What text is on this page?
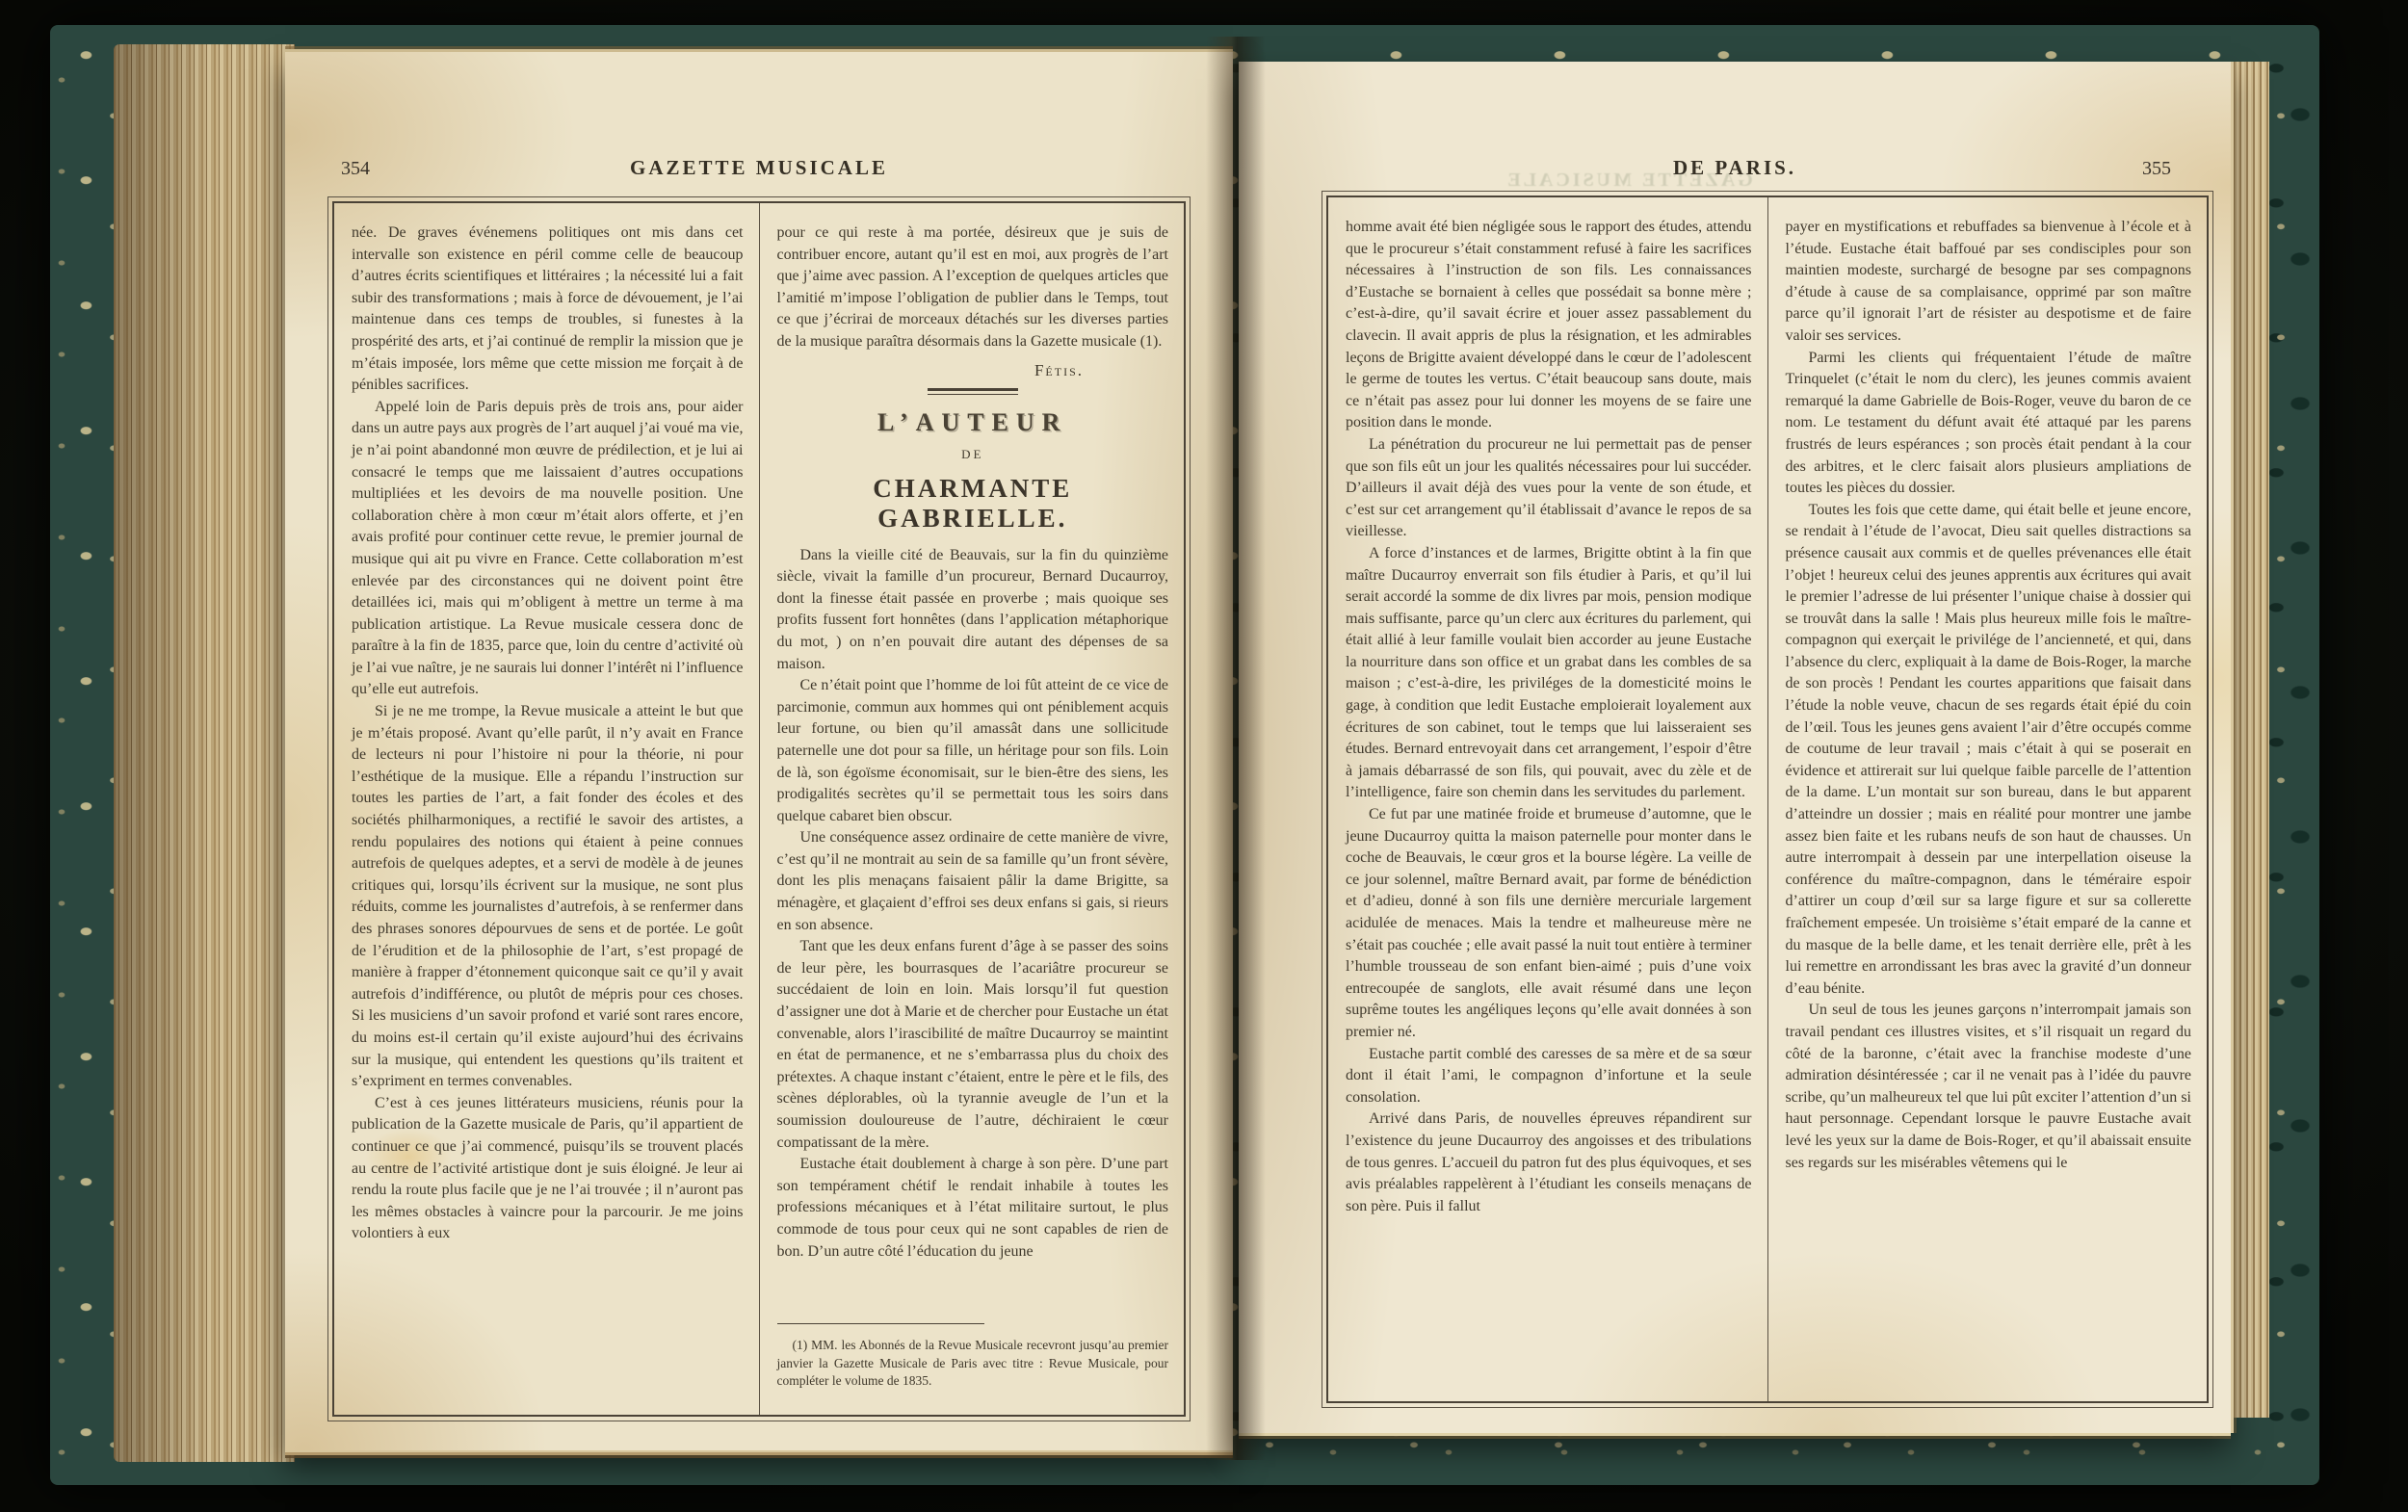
354	GAZETTE MUSICALE

née. De graves événemens politiques ont mis dans cet intervalle son existence en péril comme celle de beaucoup d’autres écrits scientifiques et littéraires ; la nécessité lui a fait subir des transformations ; mais à force de dévouement, je l’ai maintenue dans ces temps de troubles, si funestes à la prospérité des arts, et j’ai continué de remplir la mission que je m’étais imposée, lors même que cette mission me forçait à de pénibles sacrifices.

Appelé loin de Paris depuis près de trois ans, pour aider dans un autre pays aux progrès de l’art auquel j’ai voué ma vie, je n’ai point abandonné mon œuvre de prédilection, et je lui ai consacré le temps que me laissaient d’autres occupations multipliées et les devoirs de ma nouvelle position. Une collaboration chère à mon cœur m’était alors offerte, et j’en avais profité pour continuer cette revue, le premier journal de musique qui ait pu vivre en France. Cette collaboration m’est enlevée par des circonstances qui ne doivent point être detaillées ici, mais qui m’obligent à mettre un terme à ma publication artistique. La Revue musicale cessera donc de paraître à la fin de 1835, parce que, loin du centre d’activité où je l’ai vue naître, je ne saurais lui donner l’intérêt ni l’influence qu’elle eut autrefois.

Si je ne me trompe, la Revue musicale a atteint le but que je m’étais proposé. Avant qu’elle parût, il n’y avait en France de lecteurs ni pour l’histoire ni pour la théorie, ni pour l’esthétique de la musique. Elle a répandu l’instruction sur toutes les parties de l’art, a fait fonder des écoles et des sociétés philharmoniques, a rectifié le savoir des artistes, a rendu populaires des notions qui étaient à peine connues autrefois de quelques adeptes, et a servi de modèle à de jeunes critiques qui, lorsqu’ils écrivent sur la musique, ne sont plus réduits, comme les journalistes d’autrefois, à se renfermer dans des phrases sonores dépourvues de sens et de portée. Le goût de l’érudition et de la philosophie de l’art, s’est propagé de manière à frapper d’étonnement quiconque sait ce qu’il y avait autrefois d’indifférence, ou plutôt de mépris pour ces choses. Si les musiciens d’un savoir profond et varié sont rares encore, du moins est-il certain qu’il existe aujourd’hui des écrivains sur la musique, qui entendent les questions qu’ils traitent et s’expriment en termes convenables.

C’est à ces jeunes littérateurs musiciens, réunis pour la publication de la Gazette musicale de Paris, qu’il appartient de continuer ce que j’ai commencé, puisqu’ils se trouvent placés au centre de l’activité artistique dont je suis éloigné. Je leur ai rendu la route plus facile que je ne l’ai trouvée ; il n’auront pas les mêmes obstacles à vaincre pour la parcourir. Je me joins volontiers à eux

pour ce qui reste à ma portée, désireux que je suis de contribuer encore, autant qu’il est en moi, aux progrès de l’art que j’aime avec passion. A l’exception de quelques articles que l’amitié m’impose l’obligation de publier dans le Temps, tout ce que j’écrirai de morceaux détachés sur les diverses parties de la musique paraîtra désormais dans la Gazette musicale (1).

Fétis.
L’AUTEUR
DE
CHARMANTE GABRIELLE.

Dans la vieille cité de Beauvais, sur la fin du quinzième siècle, vivait la famille d’un procureur, Bernard Ducaurroy, dont la finesse était passée en proverbe ; mais quoique ses profits fussent fort honnêtes (dans l’application métaphorique du mot, ) on n’en pouvait dire autant des dépenses de sa maison.

Ce n’était point que l’homme de loi fût atteint de ce vice de parcimonie, commun aux hommes qui ont péniblement acquis leur fortune, ou bien qu’il amassât dans une sollicitude paternelle une dot pour sa fille, un héritage pour son fils. Loin de là, son égoïsme économisait, sur le bien-être des siens, les prodigalités secrètes qu’il se permettait tous les soirs dans quelque cabaret bien obscur.

Une conséquence assez ordinaire de cette manière de vivre, c’est qu’il ne montrait au sein de sa famille qu’un front sévère, dont les plis menaçans faisaient pâlir la dame Brigitte, sa ménagère, et glaçaient d’effroi ses deux enfans si gais, si rieurs en son absence.

Tant que les deux enfans furent d’âge à se passer des soins de leur père, les bourrasques de l’acariâtre procureur se succédaient de loin en loin. Mais lorsqu’il fut question d’assigner une dot à Marie et de chercher pour Eustache un état convenable, alors l’irascibilité de maître Ducaurroy se maintint en état de permanence, et ne s’embarrassa plus du choix des prétextes. A chaque instant c’étaient, entre le père et le fils, des scènes déplorables, où la tyrannie aveugle de l’un et la soumission douloureuse de l’autre, déchiraient le cœur compatissant de la mère.

Eustache était doublement à charge à son père. D’une part son tempérament chétif le rendait inhabile à toutes les professions mécaniques et à l’état militaire surtout, le plus commode de tous pour ceux qui ne sont capables de rien de bon. D’un autre côté l’éducation du jeune

(1) MM. les Abonnés de la Revue Musicale recevront jusqu’au premier janvier la Gazette Musicale de Paris avec titre : Revue Musicale, pour compléter le volume de 1835.

GAZETTE MUSICALE
DE PARIS.	355

homme avait été bien négligée sous le rapport des études, attendu que le procureur s’était constamment refusé à faire les sacrifices nécessaires à l’instruction de son fils. Les connaissances d’Eustache se bornaient à celles que possédait sa bonne mère ; c’est-à-dire, qu’il savait écrire et jouer assez passablement du clavecin. Il avait appris de plus la résignation, et les admirables leçons de Brigitte avaient développé dans le cœur de l’adolescent le germe de toutes les vertus. C’était beaucoup sans doute, mais ce n’était pas assez pour lui donner les moyens de se faire une position dans le monde.

La pénétration du procureur ne lui permettait pas de penser que son fils eût un jour les qualités nécessaires pour lui succéder. D’ailleurs il avait déjà des vues pour la vente de son étude, et c’est sur cet arrangement qu’il établissait d’avance le repos de sa vieillesse.

A force d’instances et de larmes, Brigitte obtint à la fin que maître Ducaurroy enverrait son fils étudier à Paris, et qu’il lui serait accordé la somme de dix livres par mois, pension modique mais suffisante, parce qu’un clerc aux écritures du parlement, qui était allié à leur famille voulait bien accorder au jeune Eustache la nourriture dans son office et un grabat dans les combles de sa maison ; c’est-à-dire, les priviléges de la domesticité moins le gage, à condition que ledit Eustache emploierait loyalement aux écritures de son cabinet, tout le temps que lui laisseraient ses études. Bernard entrevoyait dans cet arrangement, l’espoir d’être à jamais débarrassé de son fils, qui pouvait, avec du zèle et de l’intelligence, faire son chemin dans les servitudes du parlement.

Ce fut par une matinée froide et brumeuse d’automne, que le jeune Ducaurroy quitta la maison paternelle pour monter dans le coche de Beauvais, le cœur gros et la bourse légère. La veille de ce jour solennel, maître Bernard avait, par forme de bénédiction et d’adieu, donné à son fils une dernière mercuriale largement acidulée de menaces. Mais la tendre et malheureuse mère ne s’était pas couchée ; elle avait passé la nuit tout entière à terminer l’humble trousseau de son enfant bien-aimé ; puis d’une voix entrecoupée de sanglots, elle avait résumé dans une leçon suprême toutes les angéliques leçons qu’elle avait données à son premier né.

Eustache partit comblé des caresses de sa mère et de sa sœur dont il était l’ami, le compagnon d’infortune et la seule consolation.

Arrivé dans Paris, de nouvelles épreuves répandirent sur l’existence du jeune Ducaurroy des angoisses et des tribulations de tous genres. L’accueil du patron fut des plus équivoques, et ses avis préalables rappelèrent à l’étudiant les conseils menaçans de son père. Puis il fallut

payer en mystifications et rebuffades sa bienvenue à l’école et à l’étude. Eustache était baffoué par ses condisciples pour son maintien modeste, surchargé de besogne par ses compagnons d’étude à cause de sa complaisance, opprimé par son maître parce qu’il ignorait l’art de résister au despotisme et de faire valoir ses services.

Parmi les clients qui fréquentaient l’étude de maître Trinquelet (c’était le nom du clerc), les jeunes commis avaient remarqué la dame Gabrielle de Bois-Roger, veuve du baron de ce nom. Le testament du défunt avait été attaqué par les parens frustrés de leurs espérances ; son procès était pendant à la cour des arbitres, et le clerc faisait alors plusieurs ampliations de toutes les pièces du dossier.

Toutes les fois que cette dame, qui était belle et jeune encore, se rendait à l’étude de l’avocat, Dieu sait quelles distractions sa présence causait aux commis et de quelles prévenances elle était l’objet ! heureux celui des jeunes apprentis aux écritures qui avait le premier l’adresse de lui présenter l’unique chaise à dossier qui se trouvât dans la salle ! Mais plus heureux mille fois le maître-compagnon qui exerçait le privilége de l’ancienneté, et qui, dans l’absence du clerc, expliquait à la dame de Bois-Roger, la marche de son procès ! Pendant les courtes apparitions que faisait dans l’étude la noble veuve, chacun de ses regards était épié du coin de l’œil. Tous les jeunes gens avaient l’air d’être occupés comme de coutume de leur travail ; mais c’était à qui se poserait en évidence et attirerait sur lui quelque faible parcelle de l’attention de la dame. L’un montait sur son bureau, dans le but apparent d’atteindre un dossier ; mais en réalité pour montrer une jambe assez bien faite et les rubans neufs de son haut de chausses. Un autre interrompait à dessein par une interpellation oiseuse la conférence du maître-compagnon, dans le téméraire espoir d’attirer un coup d’œil sur sa large figure et sur sa collerette fraîchement empesée. Un troisième s’était emparé de la canne et du masque de la belle dame, et les tenait derrière elle, prêt à les lui remettre en arrondissant les bras avec la gravité d’un donneur d’eau bénite.

Un seul de tous les jeunes garçons n’interrompait jamais son travail pendant ces illustres visites, et s’il risquait un regard du côté de la baronne, c’était avec la franchise modeste d’une admiration désintéressée ; car il ne venait pas à l’idée du pauvre scribe, qu’un malheureux tel que lui pût exciter l’attention d’un si haut personnage. Cependant lorsque le pauvre Eustache avait levé les yeux sur la dame de Bois-Roger, et qu’il abaissait ensuite ses regards sur les misérables vêtemens qui le
